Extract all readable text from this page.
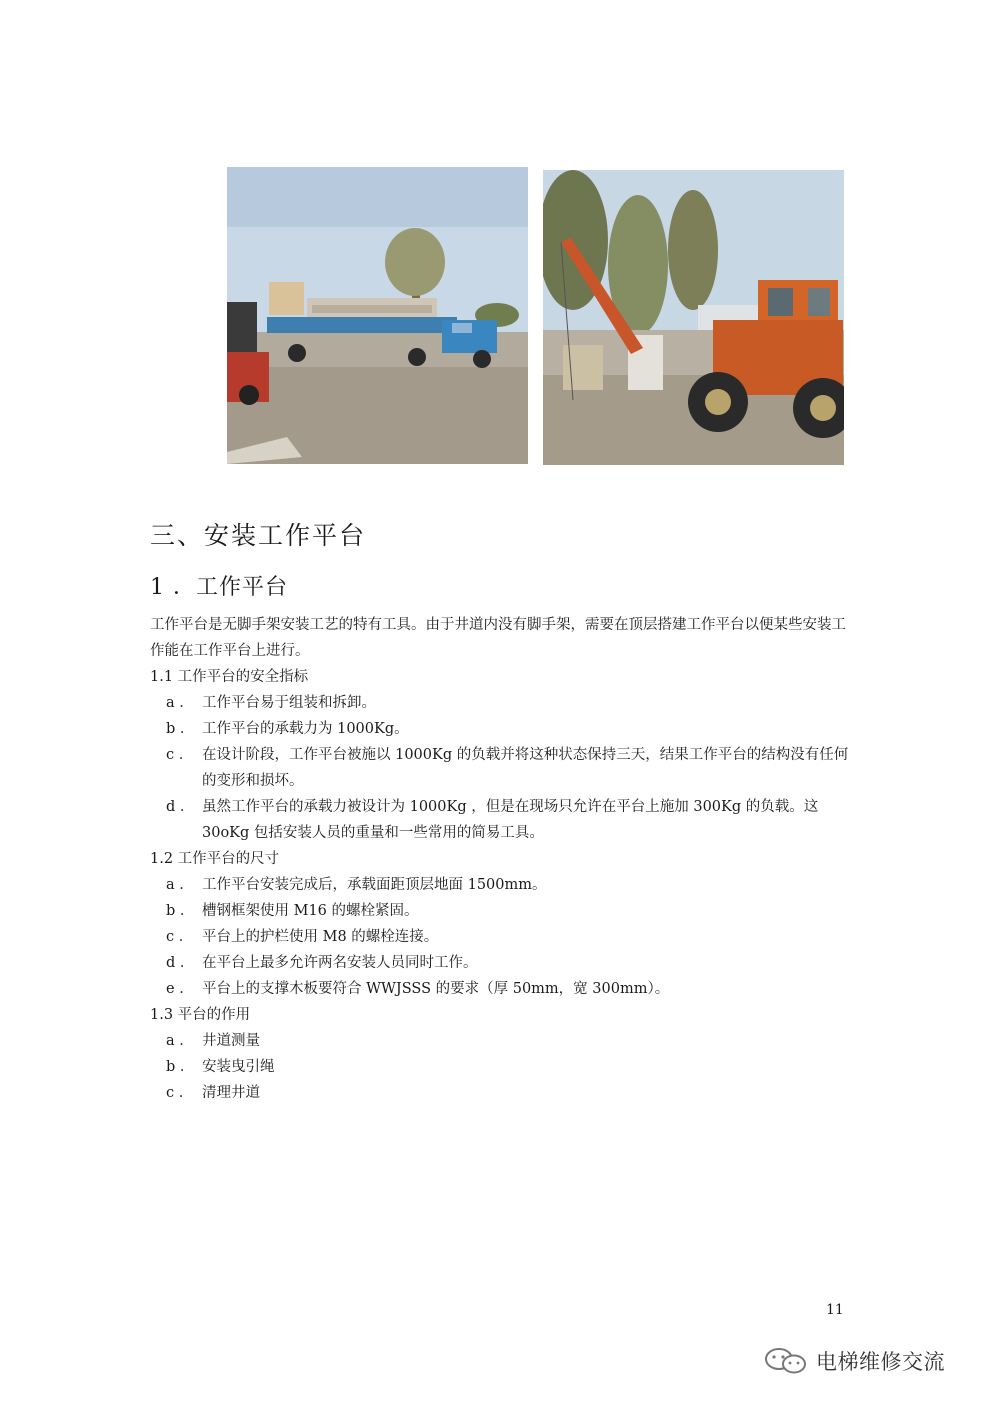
三、安装工作平台
1 ．工作平台

工作平台是无脚手架安装工艺的特有工具。由于井道内没有脚手架，需要在顶层搭建工作平台以便某些安装工作能在工作平台上进行。

1.1 工作平台的安全指标

a ． 工作平台易于组装和拆卸。

b ． 工作平台的承载力为 1000Kg。

c ． 在设计阶段，工作平台被施以 1000Kg 的负载并将这种状态保持三天，结果工作平台的结构没有任何的变形和损坏。

d ． 虽然工作平台的承载力被设计为 1000Kg ，但是在现场只允许在平台上施加 300Kg 的负载。这 30oKg 包括安装人员的重量和一些常用的简易工具。

1.2 工作平台的尺寸

a ． 工作平台安装完成后，承载面距顶层地面 1500mm。

b ． 槽钢框架使用 M16 的螺栓紧固。

c ． 平台上的护栏使用 M8 的螺栓连接。

d ． 在平台上最多允许两名安装人员同时工作。

e ． 平台上的支撑木板要符合 WWJSSS 的要求（厚 50mm，宽 300mm）。

1.3 平台的作用

a ． 井道测量

b ． 安装曳引绳

c ． 清理井道

11
电梯维修交流
